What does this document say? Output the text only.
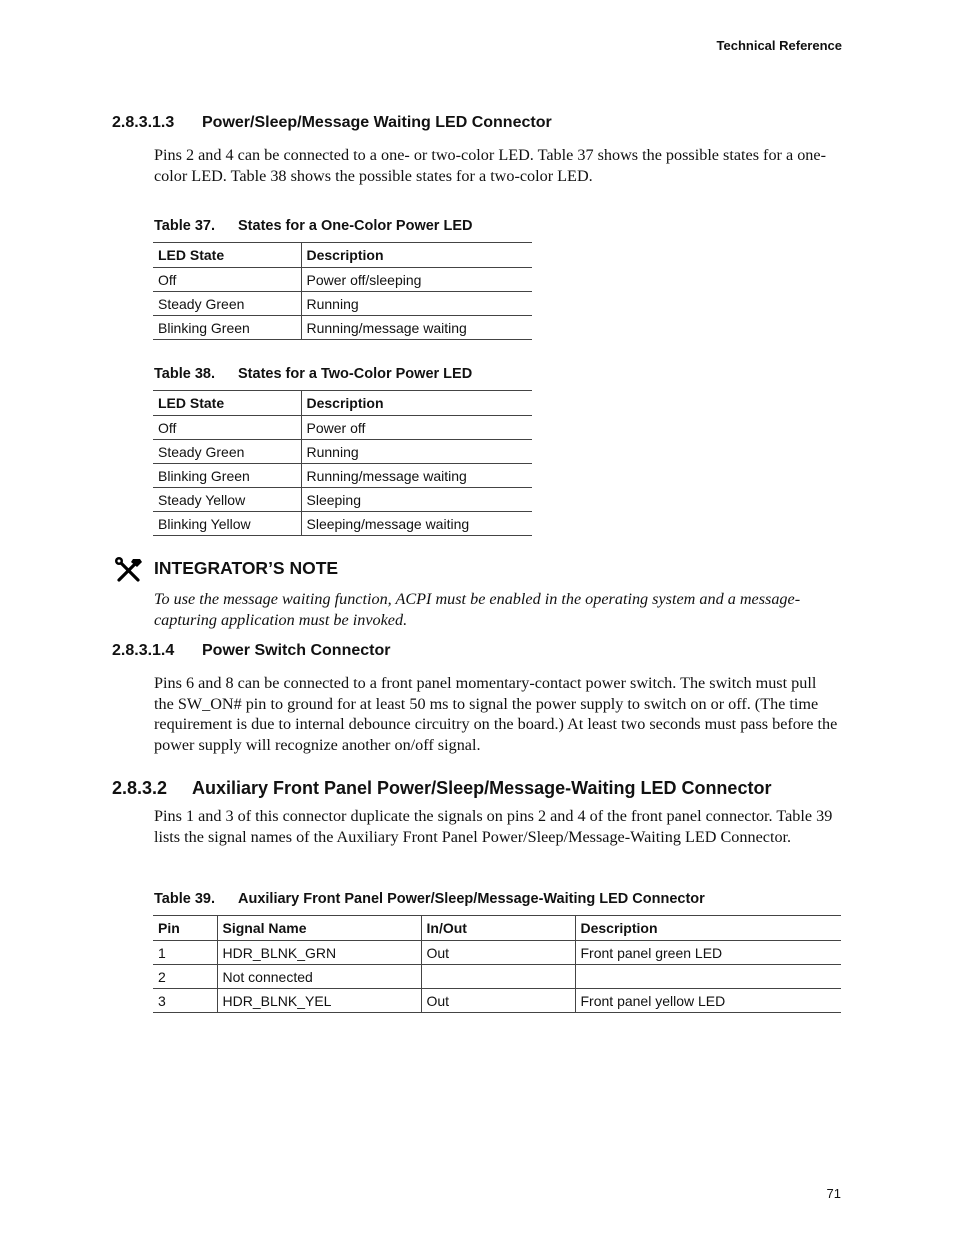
Technical Reference
2.8.3.1.3 Power/Sleep/Message Waiting LED Connector
Pins 2 and 4 can be connected to a one- or two-color LED. Table 37 shows the possible states for a one-color LED. Table 38 shows the possible states for a two-color LED.
Table 37. States for a One-Color Power LED
LED State	Description
Off	Power off/sleeping
Steady Green	Running
Blinking Green	Running/message waiting
Table 38. States for a Two-Color Power LED
LED State	Description
Off	Power off
Steady Green	Running
Blinking Green	Running/message waiting
Steady Yellow	Sleeping
Blinking Yellow	Sleeping/message waiting
INTEGRATOR’S NOTE
To use the message waiting function, ACPI must be enabled in the operating system and a message-capturing application must be invoked.
2.8.3.1.4 Power Switch Connector
Pins 6 and 8 can be connected to a front panel momentary-contact power switch. The switch must pull the SW_ON# pin to ground for at least 50 ms to signal the power supply to switch on or off. (The time requirement is due to internal debounce circuitry on the board.) At least two seconds must pass before the power supply will recognize another on/off signal.
2.8.3.2 Auxiliary Front Panel Power/Sleep/Message-Waiting LED Connector
Pins 1 and 3 of this connector duplicate the signals on pins 2 and 4 of the front panel connector. Table 39 lists the signal names of the Auxiliary Front Panel Power/Sleep/Message-Waiting LED Connector.
Table 39. Auxiliary Front Panel Power/Sleep/Message-Waiting LED Connector
Pin	Signal Name	In/Out	Description
1	HDR_BLNK_GRN	Out	Front panel green LED
2	Not connected		
3	HDR_BLNK_YEL	Out	Front panel yellow LED
71
